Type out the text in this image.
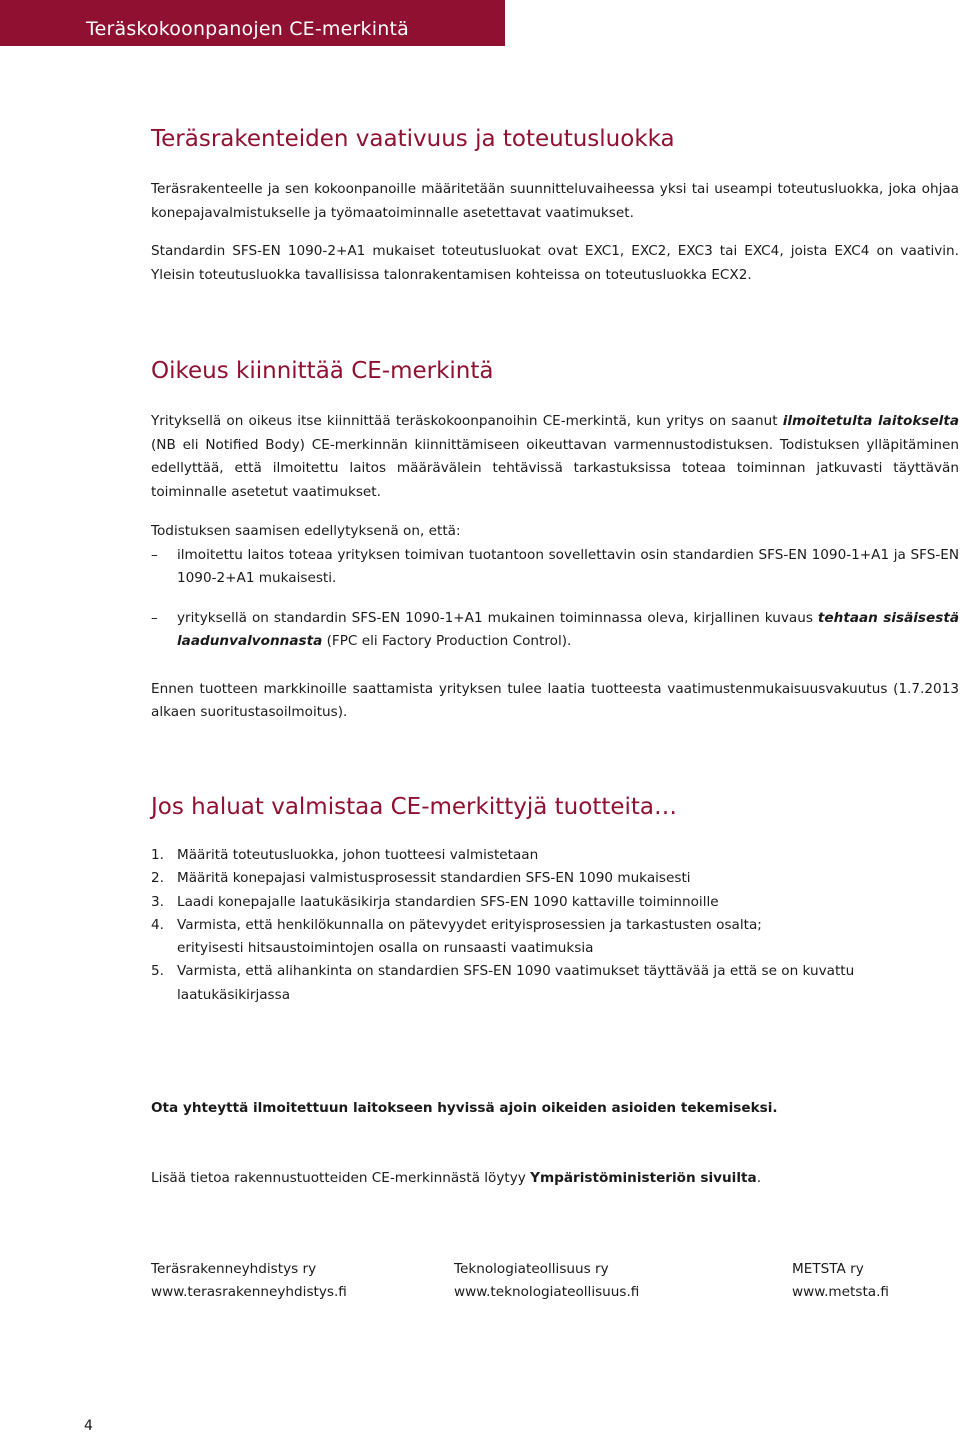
Teräskokoonpanojen CE-merkintä
Teräsrakenteiden vaativuus ja toteutusluokka

Teräsrakenteelle ja sen kokoonpanoille määritetään suunnitteluvaiheessa yksi tai useampi toteutusluokka, joka ohjaa konepajavalmistukselle ja työmaatoiminnalle asetettavat vaatimukset.

Standardin SFS-EN 1090-2+A1 mukaiset toteutusluokat ovat EXC1, EXC2, EXC3 tai EXC4, joista EXC4 on vaativin. Yleisin toteutusluokka tavallisissa talonrakentamisen kohteissa on toteutusluokka ECX2.

Oikeus kiinnittää CE-merkintä

Yrityksellä on oikeus itse kiinnittää teräskokoonpanoihin CE-merkintä, kun yritys on saanut ilmoitetulta laitokselta (NB eli Notified Body) CE-merkinnän kiinnittämiseen oikeuttavan varmennustodistuksen. Todistuksen ylläpitäminen edellyttää, että ilmoitettu laitos määrävälein tehtävissä tarkastuksissa toteaa toiminnan jatkuvasti täyttävän toiminnalle asetetut vaatimukset.

Todistuksen saamisen edellytyksenä on, että:

– ilmoitettu laitos toteaa yrityksen toimivan tuotantoon sovellettavin osin standardien SFS-EN 1090-1+A1 ja SFS-EN 1090-2+A1 mukaisesti.

– yrityksellä on standardin SFS-EN 1090-1+A1 mukainen toiminnassa oleva, kirjallinen kuvaus tehtaan sisäisestä laadunvalvonnasta (FPC eli Factory Production Control).

Ennen tuotteen markkinoille saattamista yrityksen tulee laatia tuotteesta vaatimustenmukaisuusvakuutus (1.7.2013 alkaen suoritustasoilmoitus).

Jos haluat valmistaa CE-merkittyjä tuotteita…
1. Määritä toteutusluokka, johon tuotteesi valmistetaan
2. Määritä konepajasi valmistusprosessit standardien SFS-EN 1090 mukaisesti
3. Laadi konepajalle laatukäsikirja standardien SFS-EN 1090 kattaville toiminnoille
4. Varmista, että henkilökunnalla on pätevyydet erityisprosessien ja tarkastusten osalta;
erityisesti hitsaustoimintojen osalla on runsaasti vaatimuksia
5. Varmista, että alihankinta on standardien SFS-EN 1090 vaatimukset täyttävää ja että se on kuvattu laatukäsikirjassa

Ota yhteyttä ilmoitettuun laitokseen hyvissä ajoin oikeiden asioiden tekemiseksi.

Lisää tietoa rakennustuotteiden CE-merkinnästä löytyy Ympäristöministeriön sivuilta.

Teräsrakenneyhdistys ry
www.terasrakenneyhdistys.fi
Teknologiateollisuus ry
www.teknologiateollisuus.fi
METSTA ry
www.metsta.fi
4
